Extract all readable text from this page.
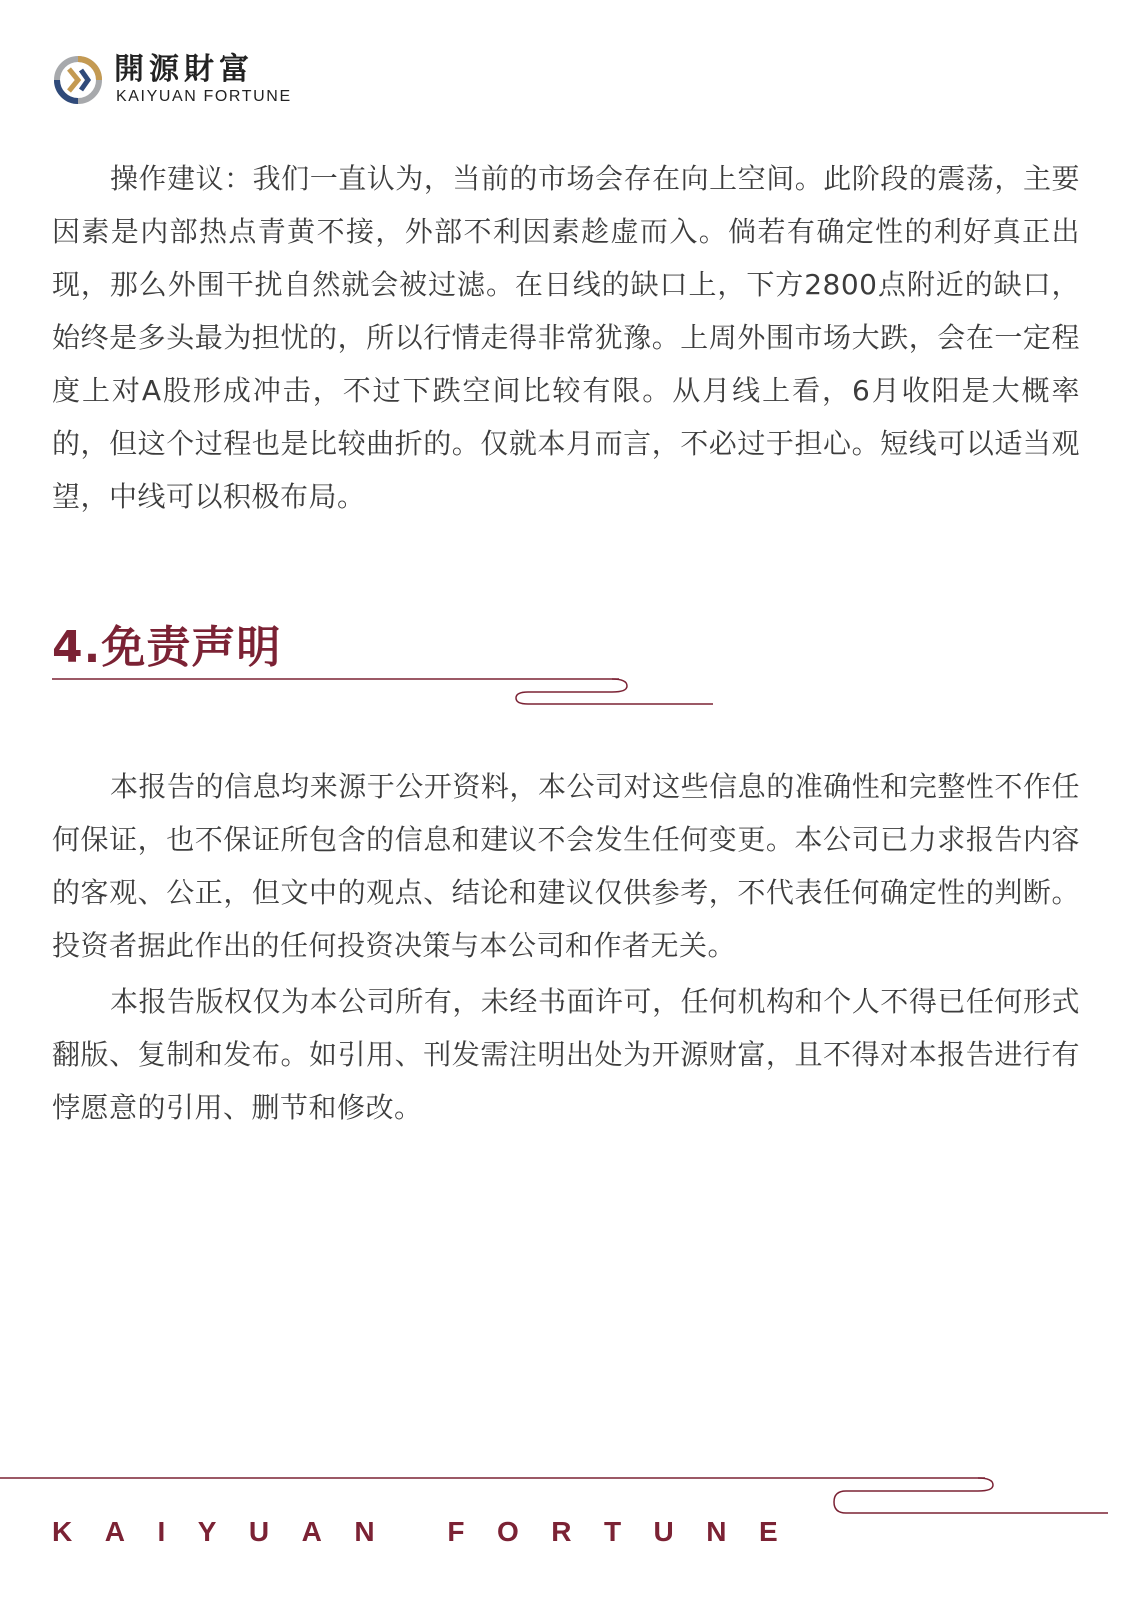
開源財富
KAIYUAN FORTUNE

操作建议：我们一直认为，当前的市场会存在向上空间。此阶段的震荡，主要因素是内部热点青黄不接，外部不利因素趁虚而入。倘若有确定性的利好真正出现，那么外围干扰自然就会被过滤。在日线的缺口上，下方2800点附近的缺口，始终是多头最为担忧的，所以行情走得非常犹豫。上周外围市场大跌，会在一定程度上对A股形成冲击，不过下跌空间比较有限。从月线上看，6月收阳是大概率的，但这个过程也是比较曲折的。仅就本月而言，不必过于担心。短线可以适当观望，中线可以积极布局。

4.免责声明

本报告的信息均来源于公开资料，本公司对这些信息的准确性和完整性不作任何保证，也不保证所包含的信息和建议不会发生任何变更。本公司已力求报告内容的客观、公正，但文中的观点、结论和建议仅供参考，不代表任何确定性的判断。投资者据此作出的任何投资决策与本公司和作者无关。

本报告版权仅为本公司所有，未经书面许可，任何机构和个人不得已任何形式翻版、复制和发布。如引用、刊发需注明出处为开源财富，且不得对本报告进行有悖愿意的引用、删节和修改。

KAIYUAN FORTUNE
